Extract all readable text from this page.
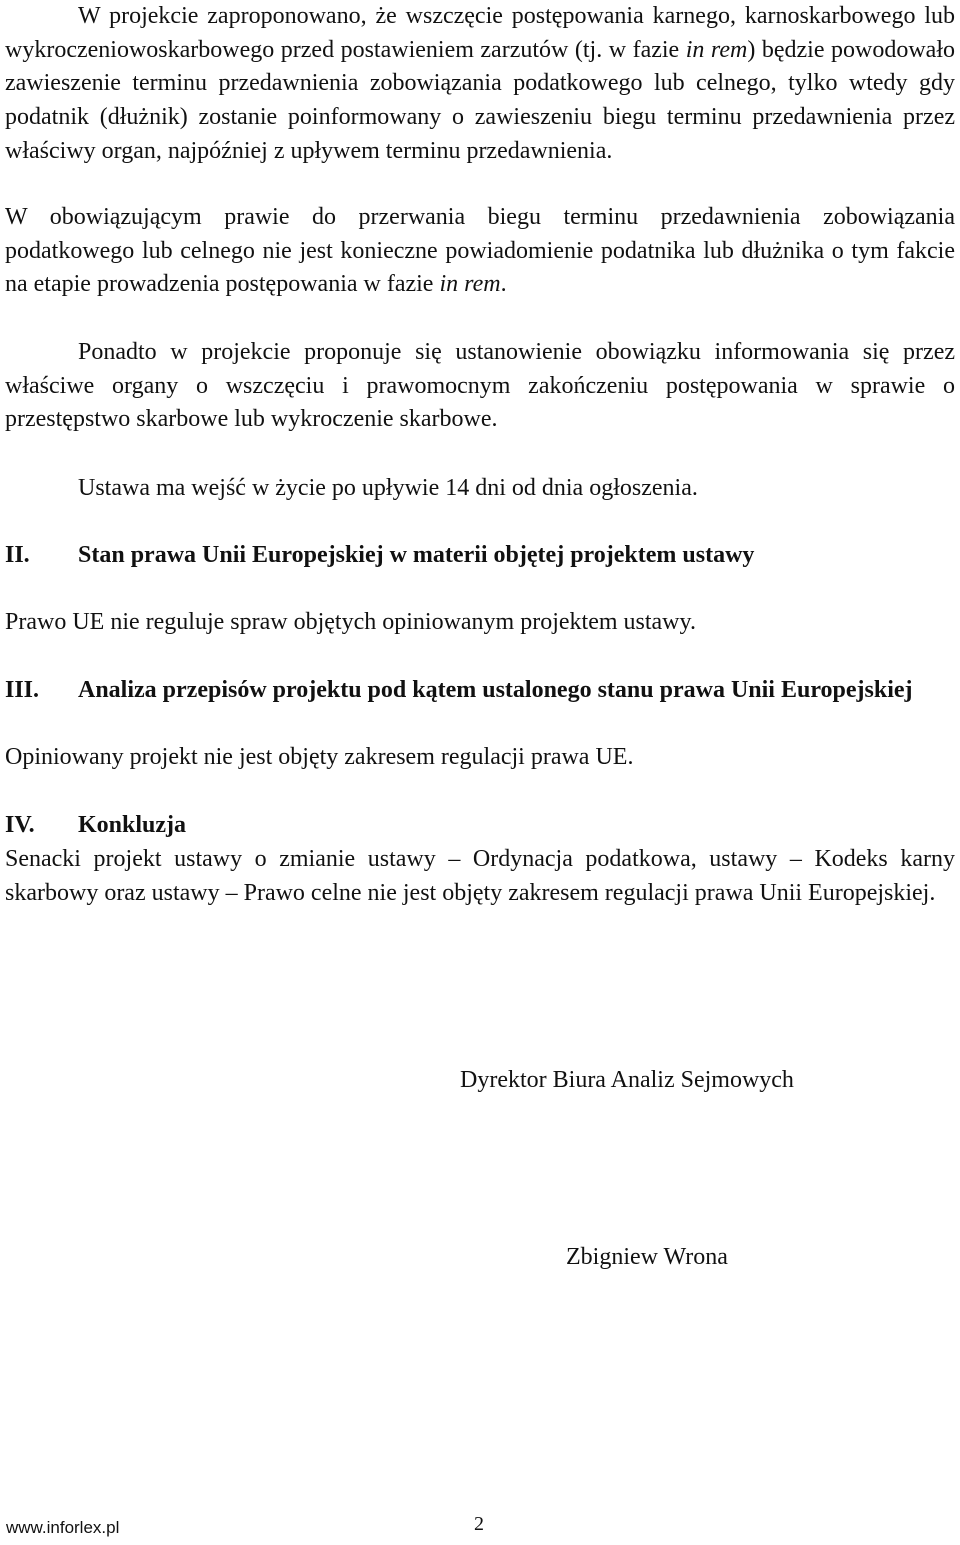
W projekcie zaproponowano, że wszczęcie postępowania karnego, karnoskarbowego lub wykroczeniowoskarbowego przed postawieniem zarzutów (tj. w fazie in rem) będzie powodowało zawieszenie terminu przedawnienia zobowiązania podatkowego lub celnego, tylko wtedy gdy podatnik (dłużnik) zostanie poinformowany o zawieszeniu biegu terminu przedawnienia przez właściwy organ, najpóźniej z upływem terminu przedawnienia.

W obowiązującym prawie do przerwania biegu terminu przedawnienia zobowiązania podatkowego lub celnego nie jest konieczne powiadomienie podatnika lub dłużnika o tym fakcie na etapie prowadzenia postępowania w fazie in rem.

Ponadto w projekcie proponuje się ustanowienie obowiązku informowania się przez właściwe organy o wszczęciu i prawomocnym zakończeniu postępowania w sprawie o przestępstwo skarbowe lub wykroczenie skarbowe.

Ustawa ma wejść w życie po upływie 14 dni od dnia ogłoszenia.

II. Stan prawa Unii Europejskiej w materii objętej projektem ustawy

Prawo UE nie reguluje spraw objętych opiniowanym projektem ustawy.

III. Analiza przepisów projektu pod kątem ustalonego stanu prawa Unii Europejskiej

Opiniowany projekt nie jest objęty zakresem regulacji prawa UE.

IV. Konkluzja

Senacki projekt ustawy o zmianie ustawy – Ordynacja podatkowa, ustawy – Kodeks karny skarbowy oraz ustawy – Prawo celne nie jest objęty zakresem regulacji prawa Unii Europejskiej.

Dyrektor Biura Analiz Sejmowych
Zbigniew Wrona
www.inforlex.pl	2
